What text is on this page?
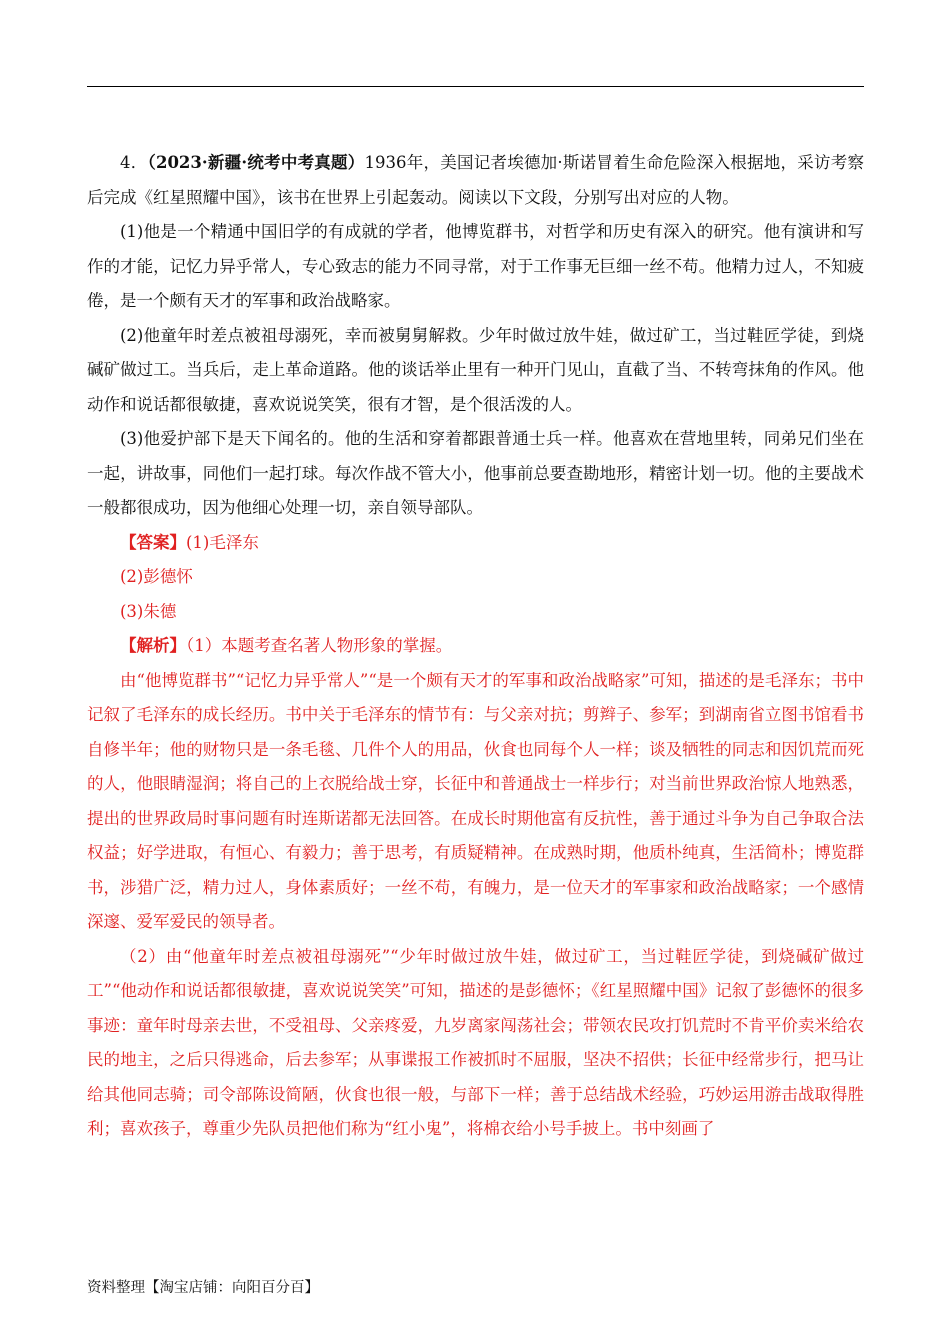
4．（2023·新疆·统考中考真题）1936年，美国记者埃德加·斯诺冒着生命危险深入根据地，采访考察后完成《红星照耀中国》，该书在世界上引起轰动。阅读以下文段，分别写出对应的人物。

(1)他是一个精通中国旧学的有成就的学者，他博览群书，对哲学和历史有深入的研究。他有演讲和写作的才能，记忆力异乎常人，专心致志的能力不同寻常，对于工作事无巨细一丝不苟。他精力过人，不知疲倦，是一个颇有天才的军事和政治战略家。

(2)他童年时差点被祖母溺死，幸而被舅舅解救。少年时做过放牛娃，做过矿工，当过鞋匠学徒，到烧碱矿做过工。当兵后，走上革命道路。他的谈话举止里有一种开门见山，直截了当、不转弯抹角的作风。他动作和说话都很敏捷，喜欢说说笑笑，很有才智，是个很活泼的人。

(3)他爱护部下是天下闻名的。他的生活和穿着都跟普通士兵一样。他喜欢在营地里转，同弟兄们坐在一起，讲故事，同他们一起打球。每次作战不管大小，他事前总要查勘地形，精密计划一切。他的主要战术一般都很成功，因为他细心处理一切，亲自领导部队。

【答案】(1)毛泽东

(2)彭德怀

(3)朱德

【解析】（1）本题考查名著人物形象的掌握。

由“他博览群书”“记忆力异乎常人”“是一个颇有天才的军事和政治战略家”可知，描述的是毛泽东；书中记叙了毛泽东的成长经历。书中关于毛泽东的情节有：与父亲对抗；剪辫子、参军；到湖南省立图书馆看书自修半年；他的财物只是一条毛毯、几件个人的用品，伙食也同每个人一样；谈及牺牲的同志和因饥荒而死的人，他眼睛湿润；将自己的上衣脱给战士穿，长征中和普通战士一样步行；对当前世界政治惊人地熟悉，提出的世界政局时事问题有时连斯诺都无法回答。在成长时期他富有反抗性，善于通过斗争为自己争取合法权益；好学进取，有恒心、有毅力；善于思考，有质疑精神。在成熟时期，他质朴纯真，生活简朴；博览群书，涉猎广泛，精力过人，身体素质好；一丝不苟，有魄力，是一位天才的军事家和政治战略家；一个感情深邃、爱军爱民的领导者。

（2）由“他童年时差点被祖母溺死”“少年时做过放牛娃，做过矿工，当过鞋匠学徒，到烧碱矿做过工”“他动作和说话都很敏捷，喜欢说说笑笑”可知，描述的是彭德怀；《红星照耀中国》记叙了彭德怀的很多事迹：童年时母亲去世，不受祖母、父亲疼爱，九岁离家闯荡社会；带领农民攻打饥荒时不肯平价卖米给农民的地主，之后只得逃命，后去参军；从事谍报工作被抓时不屈服，坚决不招供；长征中经常步行，把马让给其他同志骑；司令部陈设简陋，伙食也很一般，与部下一样；善于总结战术经验，巧妙运用游击战取得胜利；喜欢孩子，尊重少先队员把他们称为“红小鬼”，将棉衣给小号手披上。书中刻画了

资料整理【淘宝店铺：向阳百分百】
